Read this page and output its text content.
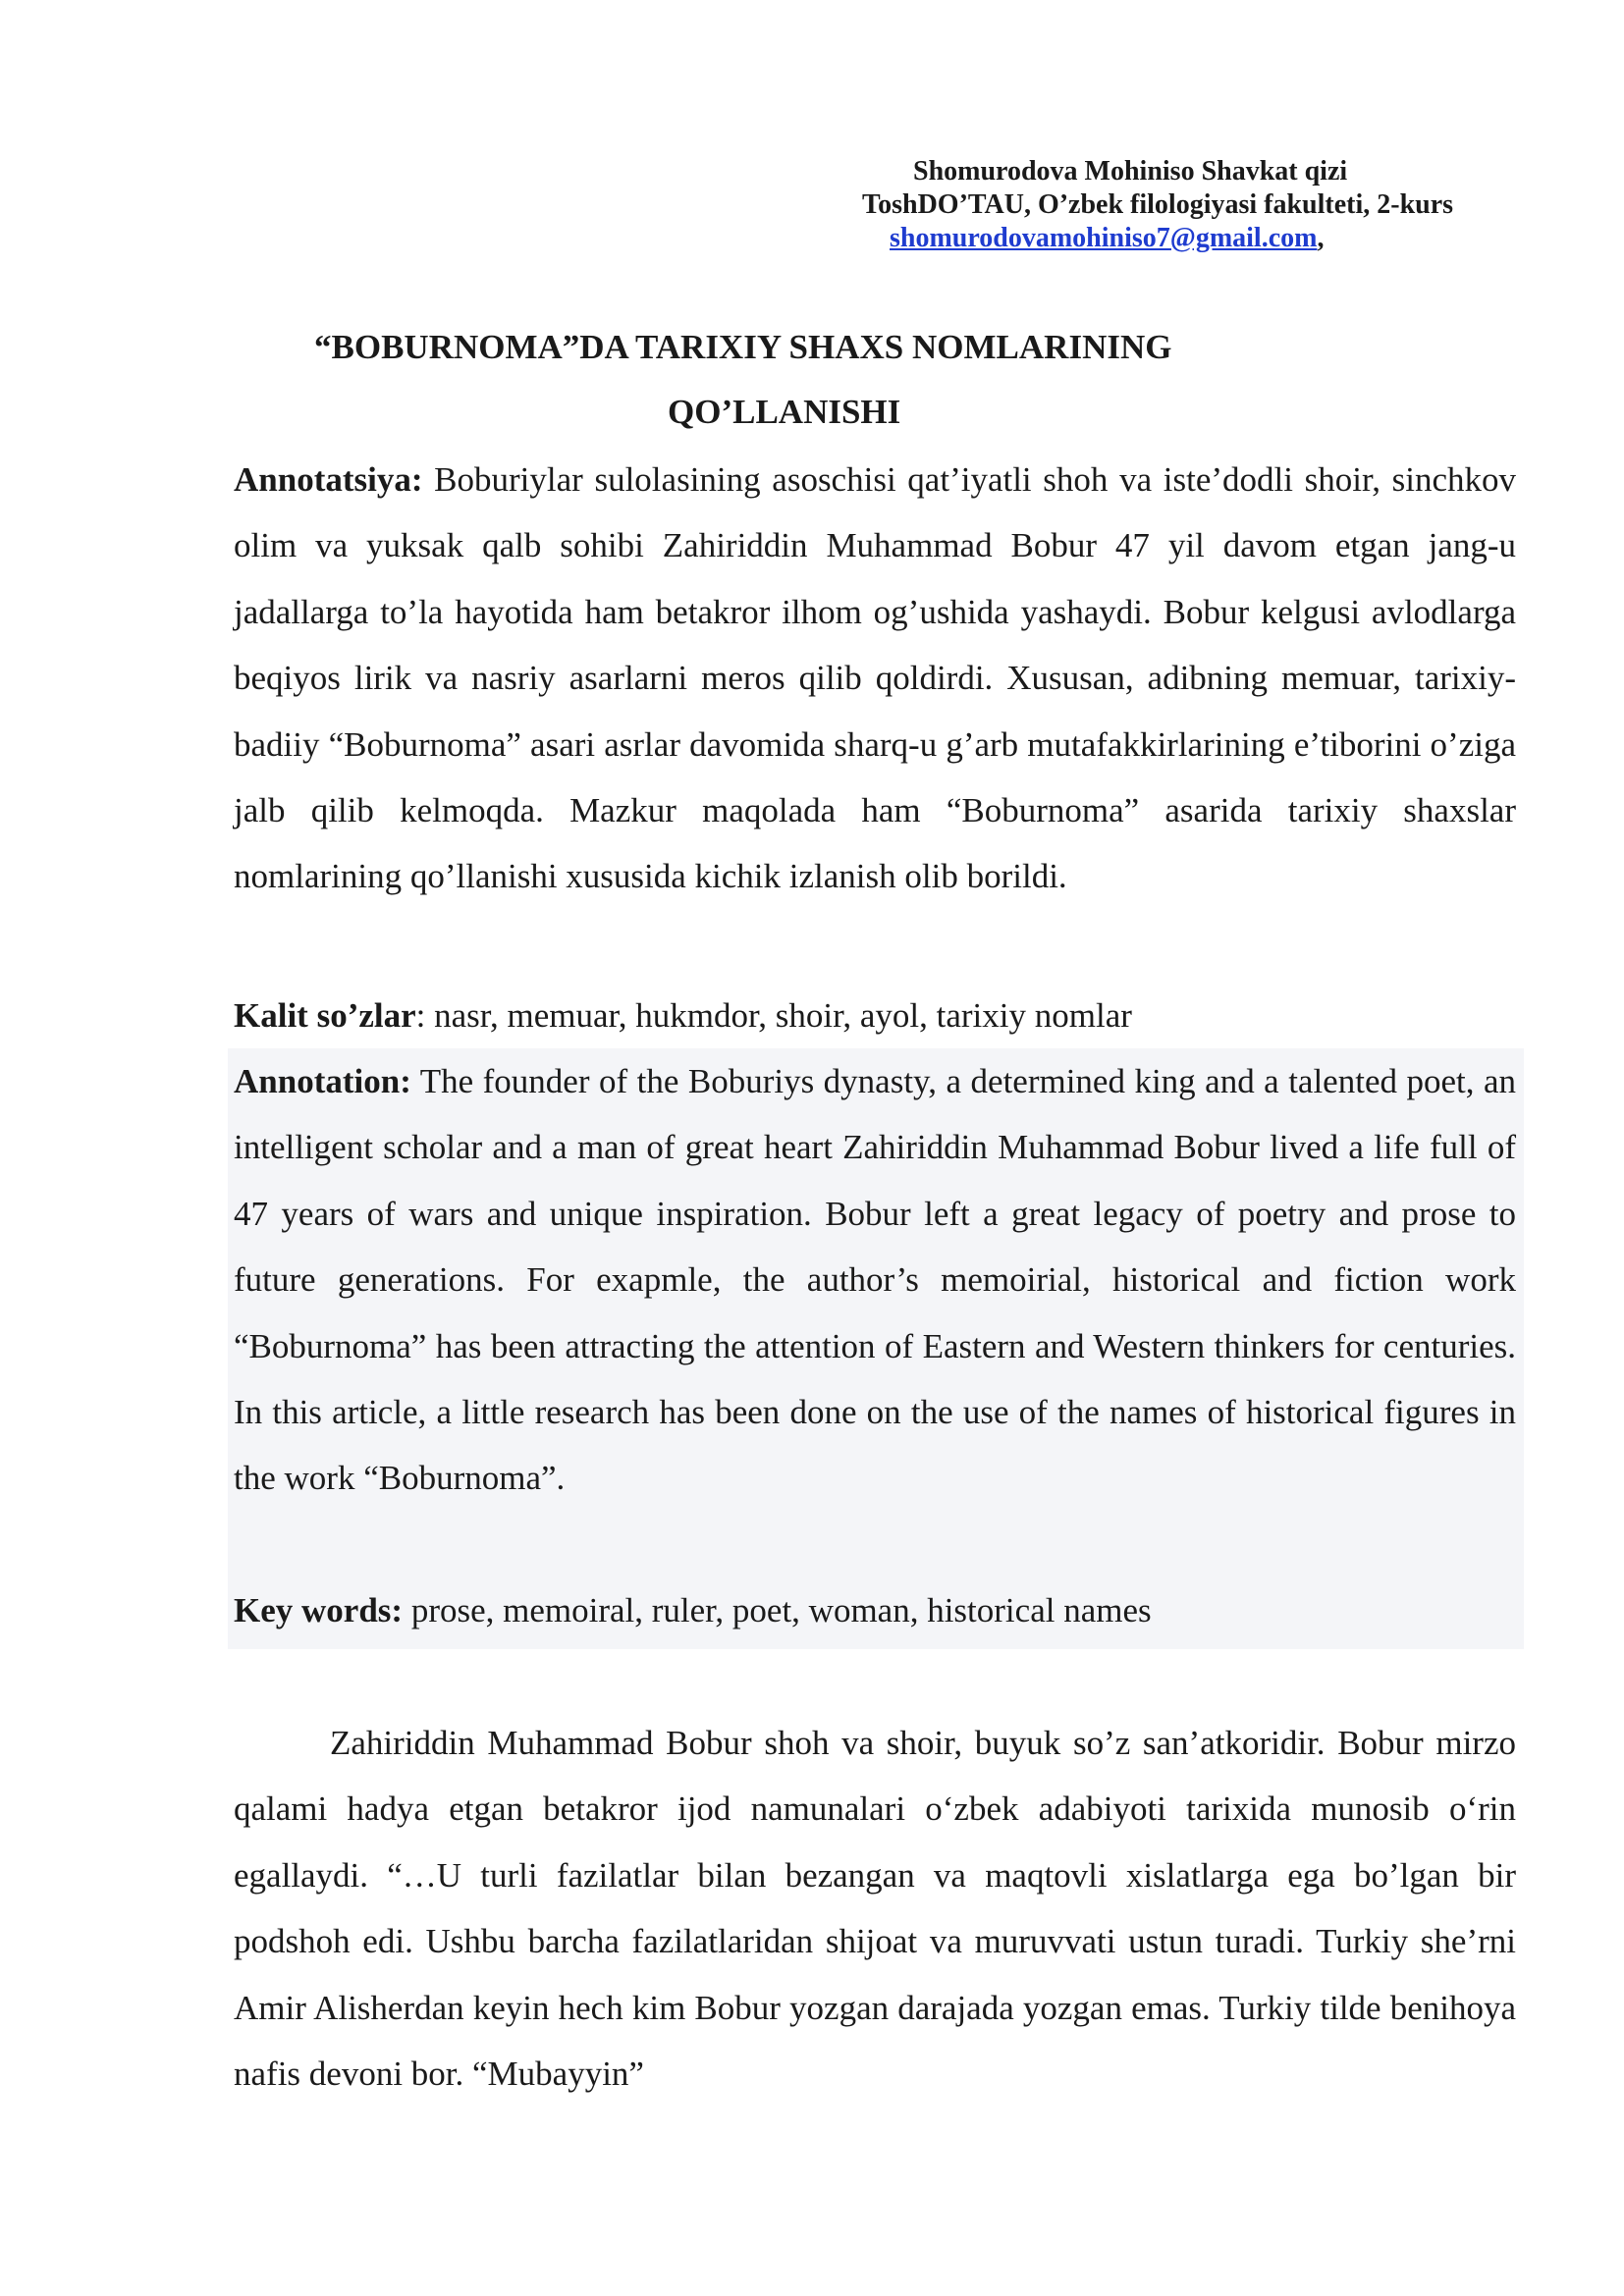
Shomurodova Mohiniso Shavkat qizi
ToshDO’TAU, O’zbek filologiyasi fakulteti, 2-kurs
shomurodovamohiniso7@gmail.com,
“BOBURNOMA”DA TARIXIY SHAXS NOMLARINING
QO’LLANISHI

Annotatsiya: Boburiylar sulolasining asoschisi qat’iyatli shoh va iste’dodli shoir, sinchkov olim va yuksak qalb sohibi Zahiriddin Muhammad Bobur 47 yil davom etgan jang-u jadallarga to’la hayotida ham betakror ilhom og’ushida yashaydi. Bobur kelgusi avlodlarga beqiyos lirik va nasriy asarlarni meros qilib qoldirdi. Xususan, adibning memuar, tarixiy-badiiy “Boburnoma” asari asrlar davomida sharq-u g’arb mutafakkirlarining e’tiborini o’ziga jalb qilib kelmoqda. Mazkur maqolada ham “Boburnoma” asarida tarixiy shaxslar nomlarining qo’llanishi xususida kichik izlanish olib borildi.

Kalit so’zlar: nasr, memuar, hukmdor, shoir, ayol, tarixiy nomlar

Annotation: The founder of the Boburiys dynasty, a determined king and a talented poet, an intelligent scholar and a man of great heart Zahiriddin Muhammad Bobur lived a life full of 47 years of wars and unique inspiration. Bobur left a great legacy of poetry and prose to future generations. For exapmle, the author’s memoirial, historical and fiction work “Boburnoma” has been attracting the attention of Eastern and Western thinkers for centuries. In this article, a little research has been done on the use of the names of historical figures in the work “Boburnoma”.

Key words: prose, memoiral, ruler, poet, woman, historical names

Zahiriddin Muhammad Bobur shoh va shoir, buyuk so’z san’atkoridir. Bobur mirzo qalami hadya etgan betakror ijod namunalari oʻzbek adabiyoti tarixida munosib oʻrin egallaydi. “…U turli fazilatlar bilan bezangan va maqtovli xislatlarga ega bo’lgan bir podshoh edi. Ushbu barcha fazilatlaridan shijoat va muruvvati ustun turadi. Turkiy she’rni Amir Alisherdan keyin hech kim Bobur yozgan darajada yozgan emas. Turkiy tilde benihoya nafis devoni bor. “Mubayyin”
